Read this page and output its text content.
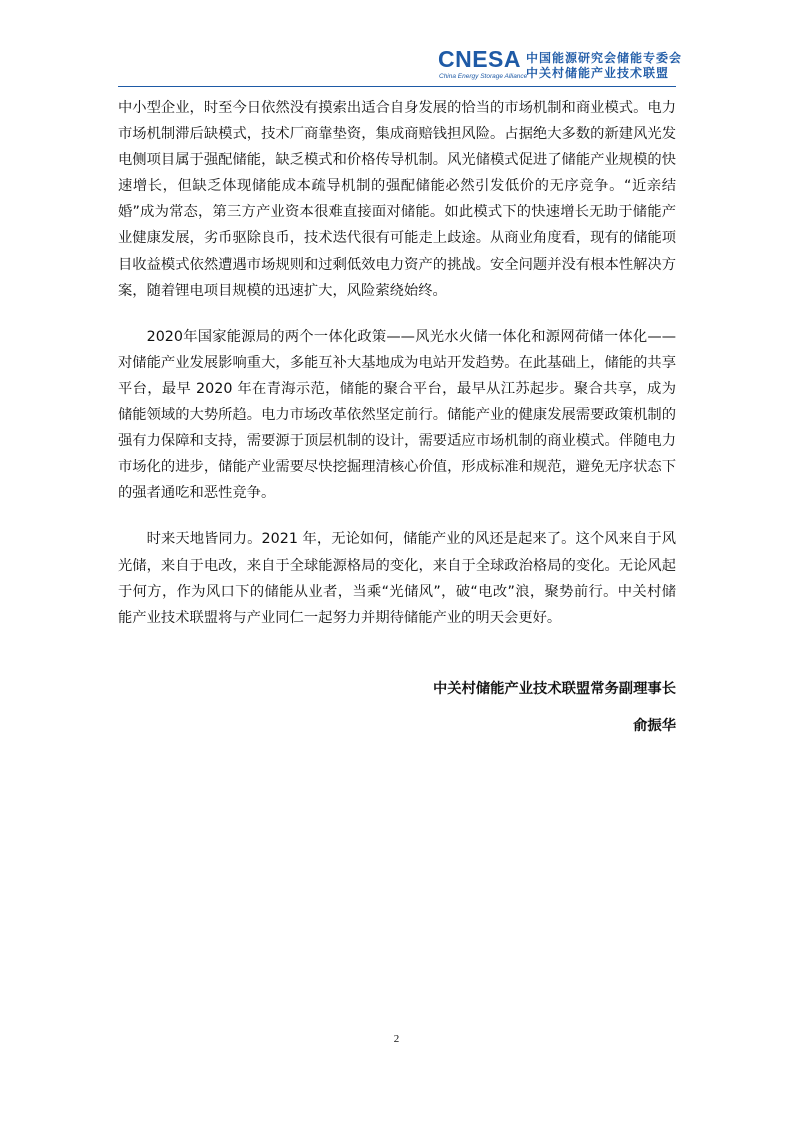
CNESA
China Energy Storage Alliance
中国能源研究会储能专委会
中关村储能产业技术联盟

中小型企业，时至今日依然没有摸索出适合自身发展的恰当的市场机制和商业模式。电力市场机制滞后缺模式，技术厂商靠垫资，集成商赔钱担风险。占据绝大多数的新建风光发电侧项目属于强配储能，缺乏模式和价格传导机制。风光储模式促进了储能产业规模的快速增长，但缺乏体现储能成本疏导机制的强配储能必然引发低价的无序竞争。“近亲结婚”成为常态，第三方产业资本很难直接面对储能。如此模式下的快速增长无助于储能产业健康发展，劣币驱除良币，技术迭代很有可能走上歧途。从商业角度看，现有的储能项目收益模式依然遭遇市场规则和过剩低效电力资产的挑战。安全问题并没有根本性解决方案，随着锂电项目规模的迅速扩大，风险萦绕始终。

2020年国家能源局的两个一体化政策——风光水火储一体化和源网荷储一体化——对储能产业发展影响重大，多能互补大基地成为电站开发趋势。在此基础上，储能的共享平台，最早 2020 年在青海示范，储能的聚合平台，最早从江苏起步。聚合共享，成为储能领域的大势所趋。电力市场改革依然坚定前行。储能产业的健康发展需要政策机制的强有力保障和支持，需要源于顶层机制的设计，需要适应市场机制的商业模式。伴随电力市场化的进步，储能产业需要尽快挖掘理清核心价值，形成标准和规范，避免无序状态下的强者通吃和恶性竞争。

时来天地皆同力。2021 年，无论如何，储能产业的风还是起来了。这个风来自于风光储，来自于电改，来自于全球能源格局的变化，来自于全球政治格局的变化。无论风起于何方，作为风口下的储能从业者，当乘“光储风”，破“电改”浪，聚势前行。中关村储能产业技术联盟将与产业同仁一起努力并期待储能产业的明天会更好。

中关村储能产业技术联盟常务副理事长
俞振华
2
